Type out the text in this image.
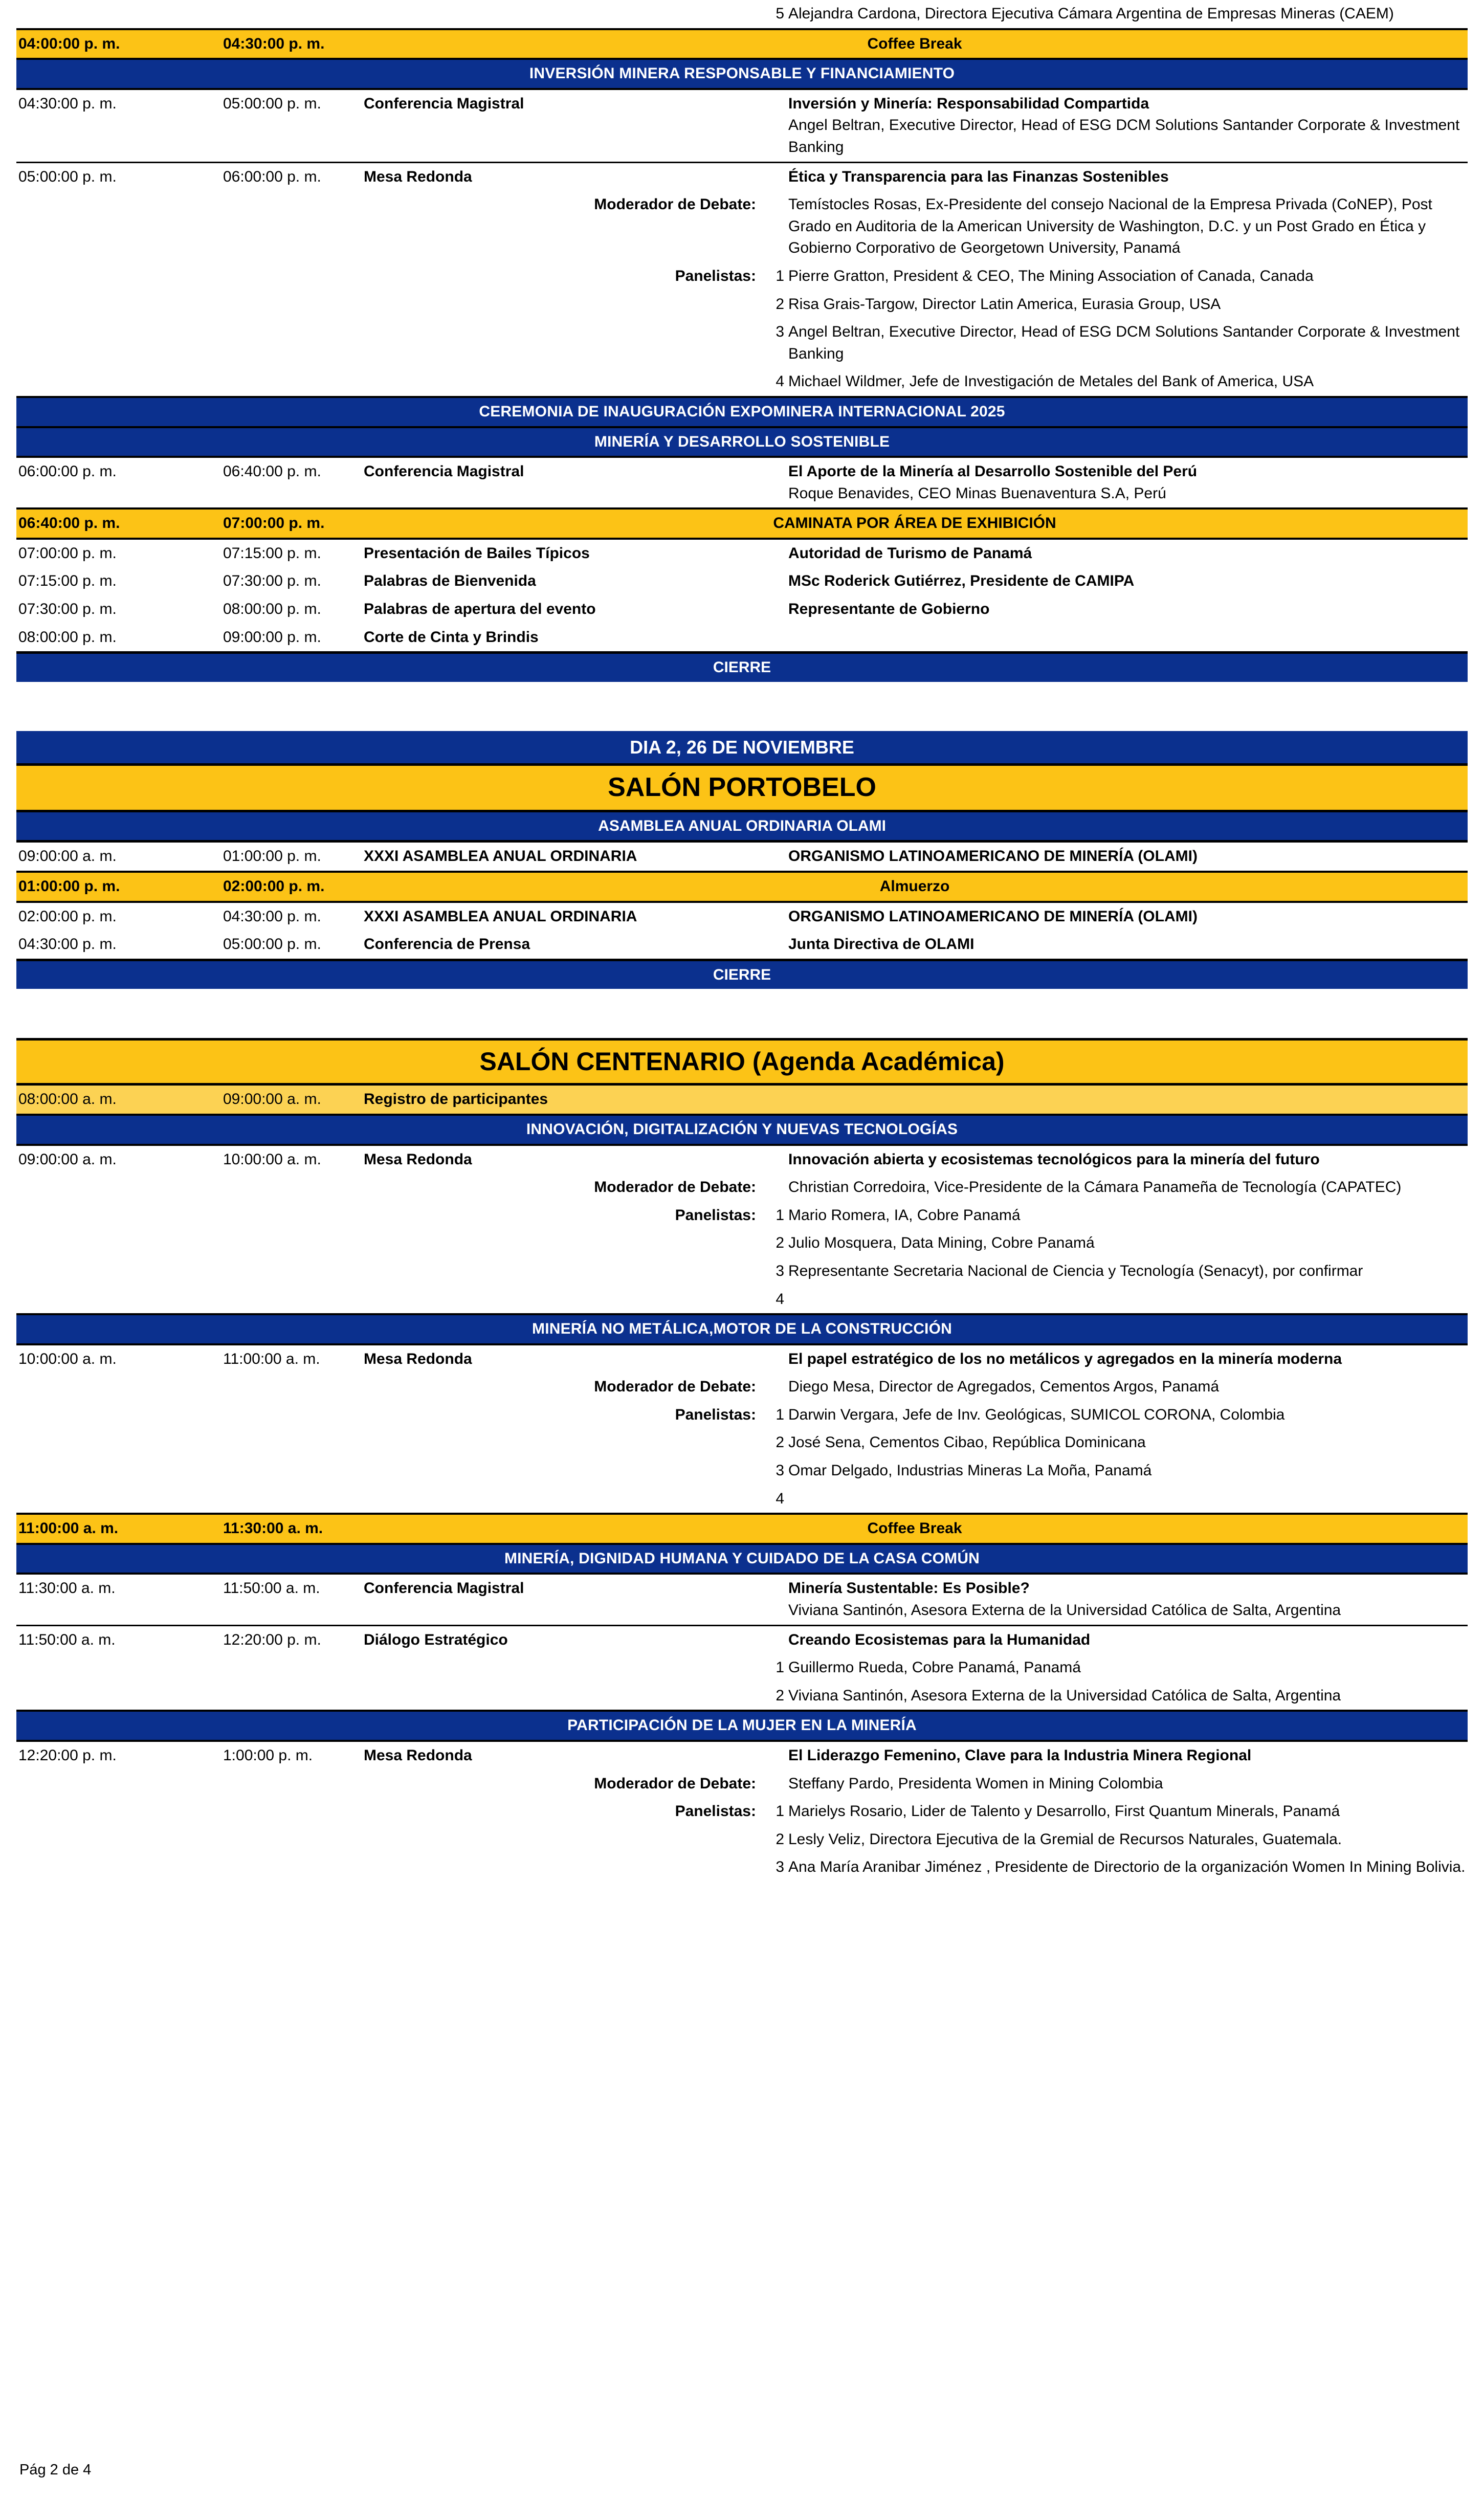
			5	Alejandra Cardona, Directora Ejecutiva Cámara Argentina de Empresas Mineras (CAEM)
04:00:00 p. m.	04:30:00 p. m.	Coffee Break		
INVERSIÓN MINERA RESPONSABLE Y FINANCIAMIENTO				
04:30:00 p. m.	05:00:00 p. m.	Conferencia Magistral		Inversión y Minería: Responsabilidad Compartida
Angel Beltran, Executive Director, Head of ESG DCM Solutions Santander Corporate & Investment Banking

05:00:00 p. m.	06:00:00 p. m.	Mesa Redonda		Ética y Transparencia para las Finanzas Sostenibles
		Moderador de Debate:		Temístocles Rosas, Ex-Presidente del consejo Nacional de la Empresa Privada (CoNEP), Post Grado en Auditoria de la American University de Washington, D.C. y un Post Grado en Ética y Gobierno Corporativo de Georgetown University, Panamá
		Panelistas:	1	Pierre Gratton, President & CEO, The Mining Association of Canada, Canada
			2	Risa Grais-Targow, Director Latin America, Eurasia Group, USA
			3	Angel Beltran, Executive Director, Head of ESG DCM Solutions Santander Corporate & Investment Banking
			4	Michael Wildmer, Jefe de Investigación de Metales del Bank of America, USA
CEREMONIA DE INAUGURACIÓN EXPOMINERA INTERNACIONAL 2025				
MINERÍA Y DESARROLLO SOSTENIBLE				
06:00:00 p. m.	06:40:00 p. m.	Conferencia Magistral		El Aporte de la Minería al Desarrollo Sostenible del Perú
Roque Benavides, CEO Minas Buenaventura S.A, Perú

06:40:00 p. m.	07:00:00 p. m.	CAMINATA POR ÁREA DE EXHIBICIÓN		
07:00:00 p. m.	07:15:00 p. m.	Presentación de Bailes Típicos		Autoridad de Turismo de Panamá
07:15:00 p. m.	07:30:00 p. m.	Palabras de Bienvenida		MSc Roderick Gutiérrez, Presidente de CAMIPA
07:30:00 p. m.	08:00:00 p. m.	Palabras de apertura del evento		Representante de Gobierno
08:00:00 p. m.	09:00:00 p. m.	Corte de Cinta y Brindis		
CIERRE				
DIA 2, 26 DE NOVIEMBRE				
SALÓN PORTOBELO				
ASAMBLEA ANUAL ORDINARIA OLAMI				
09:00:00 a. m.	01:00:00 p. m.	XXXI ASAMBLEA ANUAL ORDINARIA		ORGANISMO LATINOAMERICANO DE MINERÍA (OLAMI)
01:00:00 p. m.	02:00:00 p. m.	Almuerzo		
02:00:00 p. m.	04:30:00 p. m.	XXXI ASAMBLEA ANUAL ORDINARIA		ORGANISMO LATINOAMERICANO DE MINERÍA (OLAMI)
04:30:00 p. m.	05:00:00 p. m.	Conferencia de Prensa		Junta Directiva de OLAMI
CIERRE				
SALÓN CENTENARIO (Agenda Académica)				
08:00:00 a. m.	09:00:00 a. m.	Registro de participantes		
INNOVACIÓN, DIGITALIZACIÓN Y NUEVAS TECNOLOGÍAS				
09:00:00 a. m.	10:00:00 a. m.	Mesa Redonda		Innovación abierta y ecosistemas tecnológicos para la minería del futuro
		Moderador de Debate:		Christian Corredoira, Vice-Presidente de la Cámara Panameña de Tecnología (CAPATEC)
		Panelistas:	1	Mario Romera, IA, Cobre Panamá
			2	Julio Mosquera, Data Mining, Cobre Panamá
			3	Representante Secretaria Nacional de Ciencia y Tecnología (Senacyt), por confirmar
			4	
MINERÍA NO METÁLICA,MOTOR DE LA CONSTRUCCIÓN				
10:00:00 a. m.	11:00:00 a. m.	Mesa Redonda		El papel estratégico de los no metálicos y agregados en la minería moderna
		Moderador de Debate:		Diego Mesa, Director de Agregados, Cementos Argos, Panamá
		Panelistas:	1	Darwin Vergara, Jefe de Inv. Geológicas, SUMICOL CORONA, Colombia
			2	José Sena, Cementos Cibao, República Dominicana
			3	Omar Delgado, Industrias Mineras La Moña, Panamá
			4	
11:00:00 a. m.	11:30:00 a. m.	Coffee Break		
MINERÍA, DIGNIDAD HUMANA Y CUIDADO DE LA CASA COMÚN				
11:30:00 a. m.	11:50:00 a. m.	Conferencia Magistral		Minería Sustentable: Es Posible?
Viviana Santinón, Asesora Externa de la Universidad Católica de Salta, Argentina

11:50:00 a. m.	12:20:00 p. m.	Diálogo Estratégico		Creando Ecosistemas para la Humanidad
			1	Guillermo Rueda, Cobre Panamá, Panamá
			2	Viviana Santinón, Asesora Externa de la Universidad Católica de Salta, Argentina
PARTICIPACIÓN DE LA MUJER EN LA MINERÍA				
12:20:00 p. m.	1:00:00 p. m.	Mesa Redonda		El Liderazgo Femenino, Clave para la Industria Minera Regional
		Moderador de Debate:		Steffany Pardo, Presidenta Women in Mining Colombia
		Panelistas:	1	Marielys Rosario, Lider de Talento y Desarrollo, First Quantum Minerals, Panamá
			2	Lesly Veliz, Directora Ejecutiva de la Gremial de Recursos Naturales, Guatemala.
			3	Ana María Aranibar Jiménez , Presidente de Directorio de la organización Women In Mining Bolivia.
Pág 2 de 4
